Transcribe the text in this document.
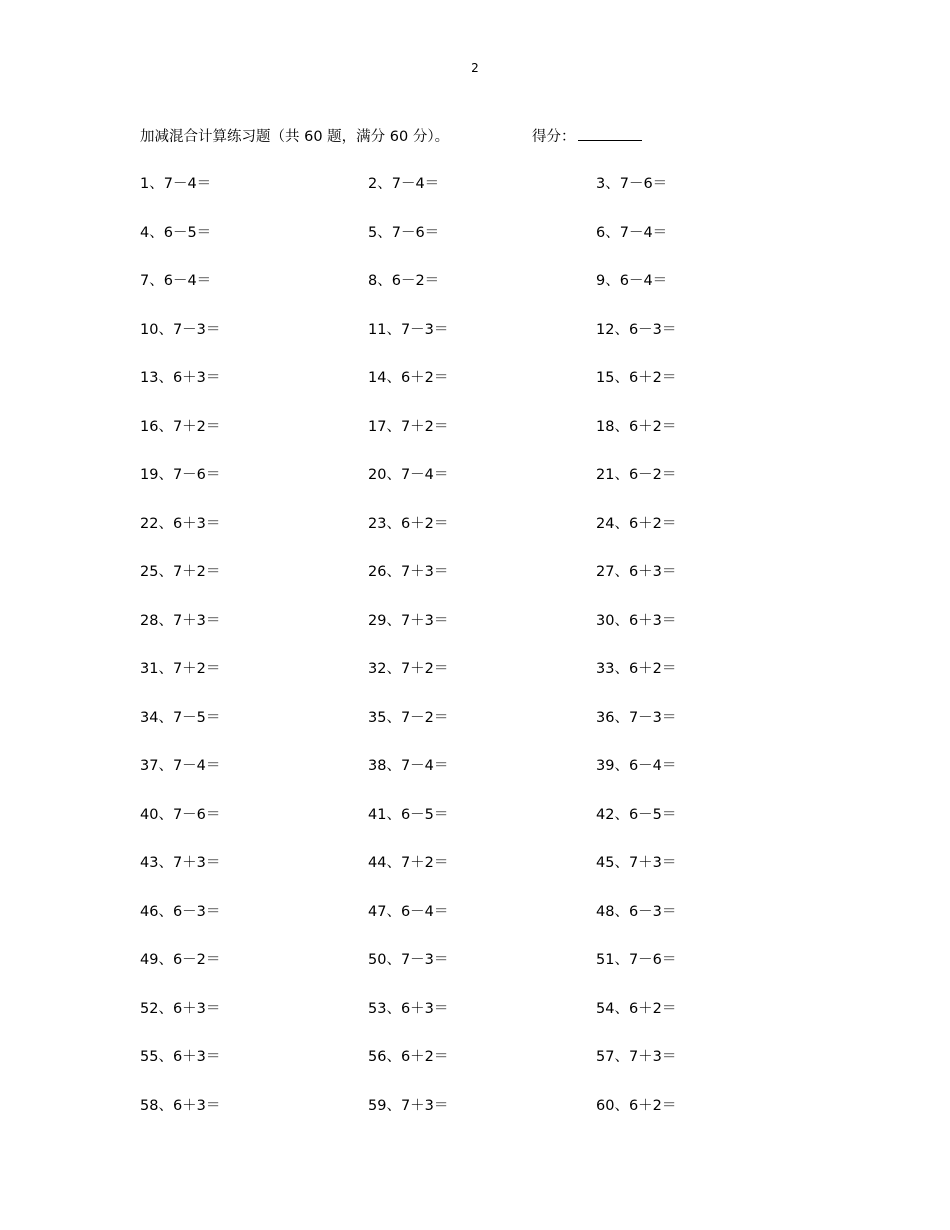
2
加减混合计算练习题（共 60 题，满分 60 分）。	得分：
1、7－4＝	2、7－4＝	3、7－6＝
4、6－5＝	5、7－6＝	6、7－4＝
7、6－4＝	8、6－2＝	9、6－4＝
10、7－3＝	11、7－3＝	12、6－3＝
13、6＋3＝	14、6＋2＝	15、6＋2＝
16、7＋2＝	17、7＋2＝	18、6＋2＝
19、7－6＝	20、7－4＝	21、6－2＝
22、6＋3＝	23、6＋2＝	24、6＋2＝
25、7＋2＝	26、7＋3＝	27、6＋3＝
28、7＋3＝	29、7＋3＝	30、6＋3＝
31、7＋2＝	32、7＋2＝	33、6＋2＝
34、7－5＝	35、7－2＝	36、7－3＝
37、7－4＝	38、7－4＝	39、6－4＝
40、7－6＝	41、6－5＝	42、6－5＝
43、7＋3＝	44、7＋2＝	45、7＋3＝
46、6－3＝	47、6－4＝	48、6－3＝
49、6－2＝	50、7－3＝	51、7－6＝
52、6＋3＝	53、6＋3＝	54、6＋2＝
55、6＋3＝	56、6＋2＝	57、7＋3＝
58、6＋3＝	59、7＋3＝	60、6＋2＝
